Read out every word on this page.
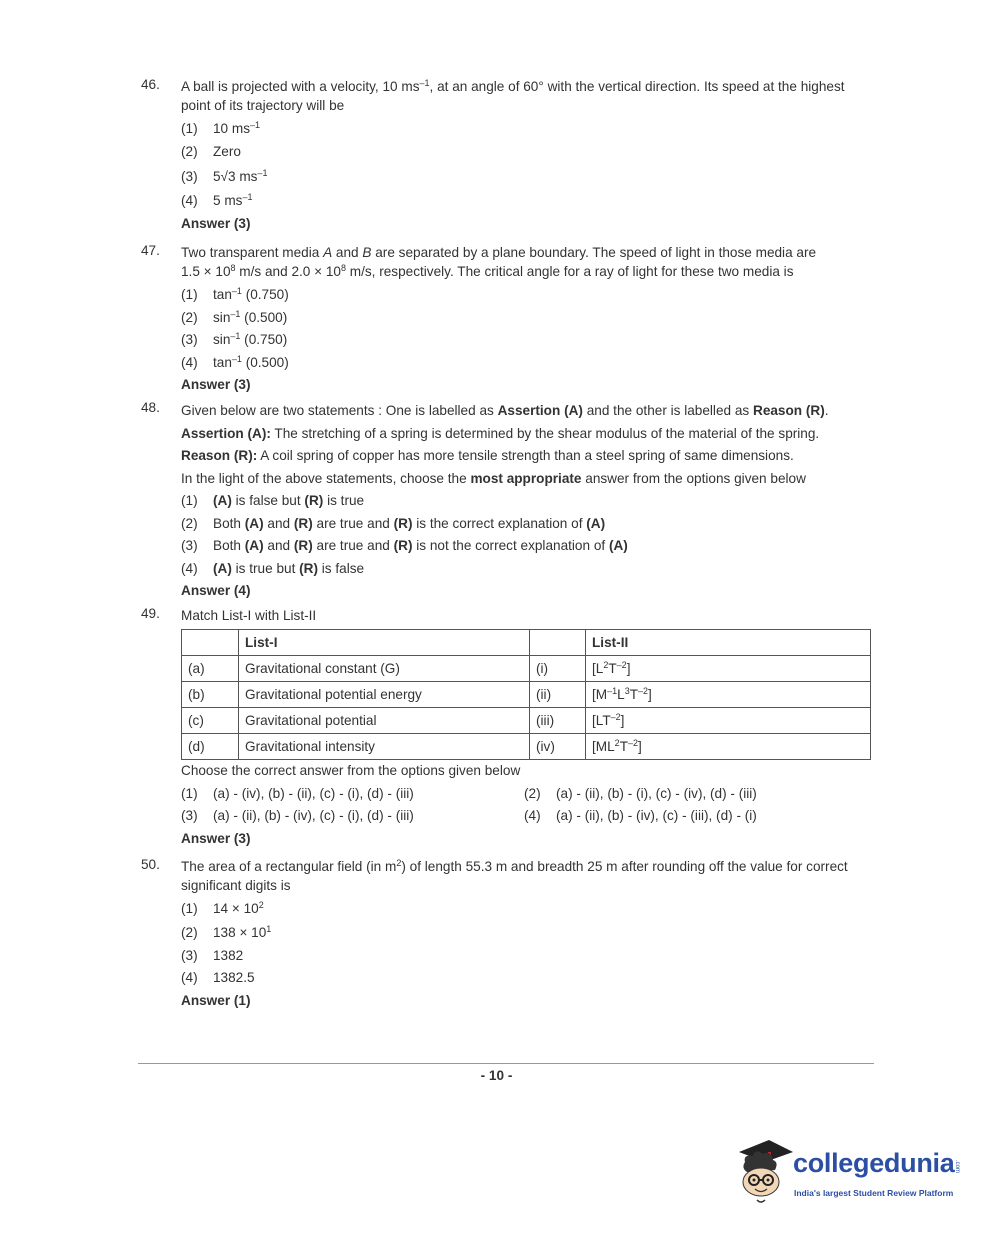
46.	A ball is projected with a velocity, 10 $ms^{-1}$, at an angle of 60° with the vertical direction. Its speed at the highest point of its trajectory will be
(1) 10 $ms^{-1}$
(2) Zero
(3) 5√3 $ms^{-1}$
(4) 5 $ms^{-1}$
Answer (3)
47.	Two transparent media A and B are separated by a plane boundary. The speed of light in those media are
$1.5 \times 10^8$ m/s and $2.0 \times 10^8$ m/s, respectively. The critical angle for a ray of light for these two media is
(1) $\tan^{-1} (0.750)$
(2) $\sin^{-1} (0.500)$
(3) $\sin^{-1} (0.750)$
(4) $\tan^{-1} (0.500)$
Answer (3)
48.	Given below are two statements : One is labelled as Assertion (A) and the other is labelled as Reason (R).
Assertion (A): The stretching of a spring is determined by the shear modulus of the material of the spring.
Reason (R): A coil spring of copper has more tensile strength than a steel spring of same dimensions.
In the light of the above statements, choose the most appropriate answer from the options given below
(1) (A) is false but (R) is true
(2) Both (A) and (R) are true and (R) is the correct explanation of (A)
(3) Both (A) and (R) are true and (R) is not the correct explanation of (A)
(4) (A) is true but (R) is false
Answer (4)
49.	Match List-I with List-II
	List-I		List-II
(a)	Gravitational constant (G)	(i)	$[L^2T^{-2}]$
(b)	Gravitational potential energy	(ii)	$[M^{-1}L^3T^{-2}]$
(c)	Gravitational potential	(iii)	$[LT^{-2}]$
(d)	Gravitational intensity	(iv)	$[ML^2T^{-2}]$
Choose the correct answer from the options given below
(1) (a) - (iv), (b) - (ii), (c) - (i), (d) - (iii)	(2) (a) - (ii), (b) - (i), (c) - (iv), (d) - (iii)
(3) (a) - (ii), (b) - (iv), (c) - (i), (d) - (iii)	(4) (a) - (ii), (b) - (iv), (c) - (iii), (d) - (i)
Answer (3)
50.	The area of a rectangular field (in $m^2$) of length 55.3 m and breadth 25 m after rounding off the value for correct significant digits is
(1) $14 \times 10^2$
(2) $138 \times 10^1$
(3) 1382
(4) 1382.5
Answer (1)
- 10 -
collegedunia .com
India's largest Student Review Platform
